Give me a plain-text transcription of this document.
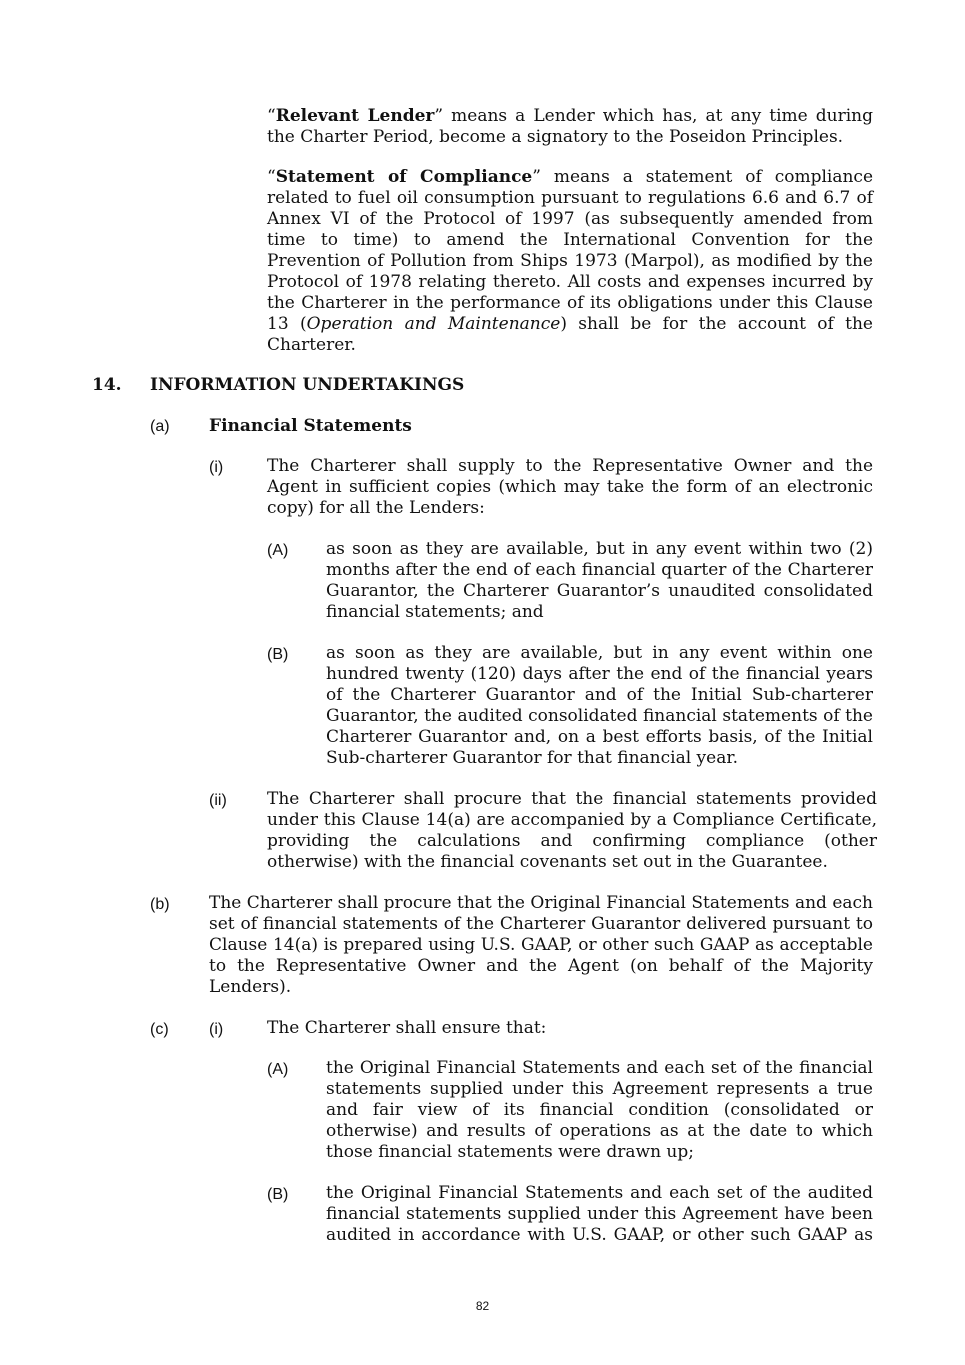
“Relevant Lender” means a Lender which has, at any time during the Charter Period, become a signatory to the Poseidon Principles.
“Statement of Compliance” means a statement of compliance related to fuel oil consumption pursuant to regulations 6.6 and 6.7 of Annex VI of the Protocol of 1997 (as subsequently amended from time to time) to amend the International Convention for the Prevention of Pollution from Ships 1973 (Marpol), as modified by the Protocol of 1978 relating thereto. All costs and expenses incurred by the Charterer in the performance of its obligations under this Clause 13 (Operation and Maintenance) shall be for the account of the Charterer.
14. INFORMATION UNDERTAKINGS
(a) Financial Statements
(i)	The Charterer shall supply to the Representative Owner and the Agent in sufficient copies (which may take the form of an electronic copy) for all the Lenders:
(A) as soon as they are available, but in any event within two (2) months after the end of each financial quarter of the Charterer Guarantor, the Charterer Guarantor’s unaudited consolidated financial statements; and
(B) as soon as they are available, but in any event within one hundred twenty (120) days after the end of the financial years of the Charterer Guarantor and of the Initial Sub-charterer Guarantor, the audited consolidated financial statements of the Charterer Guarantor and, on a best efforts basis, of the Initial Sub-charterer Guarantor for that financial year.
(ii) The Charterer shall procure that the financial statements provided under this Clause 14(a) are accompanied by a Compliance Certificate, providing the calculations and confirming compliance (other otherwise) with the financial covenants set out in the Guarantee.
(b) The Charterer shall procure that the Original Financial Statements and each set of financial statements of the Charterer Guarantor delivered pursuant to Clause 14(a) is prepared using U.S. GAAP, or other such GAAP as acceptable to the Representative Owner and the Agent (on behalf of the Majority Lenders).
(c)	(i)	The Charterer shall ensure that:
(A) the Original Financial Statements and each set of the financial statements supplied under this Agreement represents a true and fair view of its financial condition (consolidated or otherwise) and results of operations as at the date to which those financial statements were drawn up;
(B) the Original Financial Statements and each set of the audited financial statements supplied under this Agreement have been audited in accordance with U.S. GAAP, or other such GAAP as
82
